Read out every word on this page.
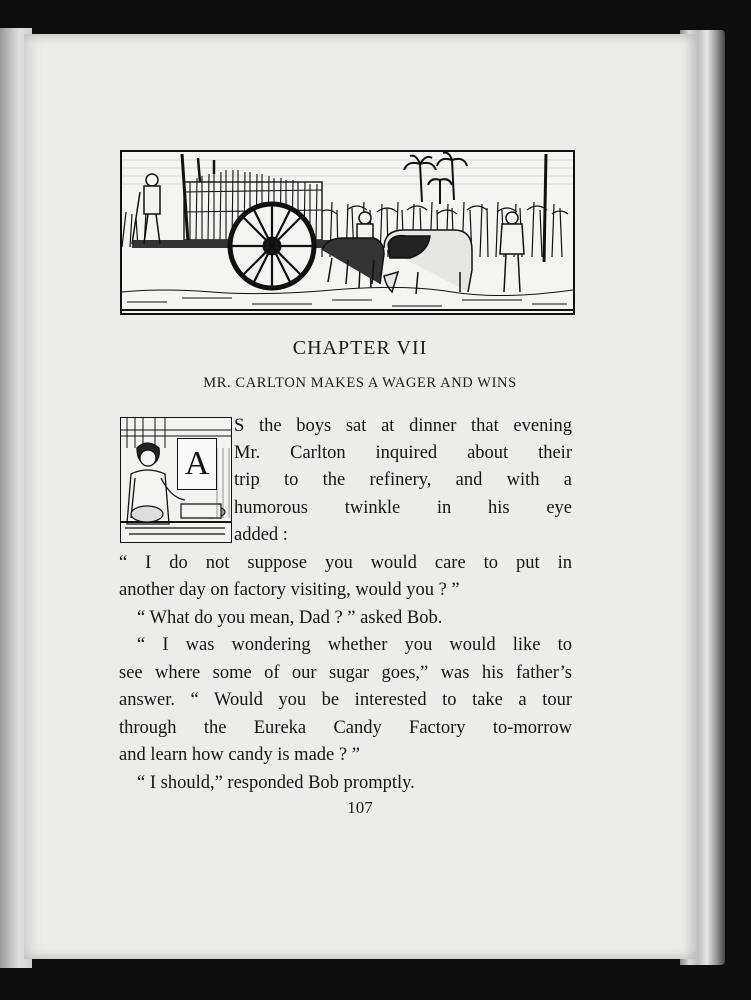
CHAPTER VII
MR. CARLTON MAKES A WAGER AND WINS
A
S the boys sat at dinner that evening
Mr. Carlton inquired about their
trip to the refinery, and with a
humorous twinkle in his eye
added :
“ I do not suppose you would care to put in
another day on factory visiting, would you ? ”
“ What do you mean, Dad ? ” asked Bob.
“ I was wondering whether you would like to
see where some of our sugar goes,” was his father’s
answer. “ Would you be interested to take a tour
through the Eureka Candy Factory to-morrow
and learn how candy is made ? ”
“ I should,” responded Bob promptly.
107
